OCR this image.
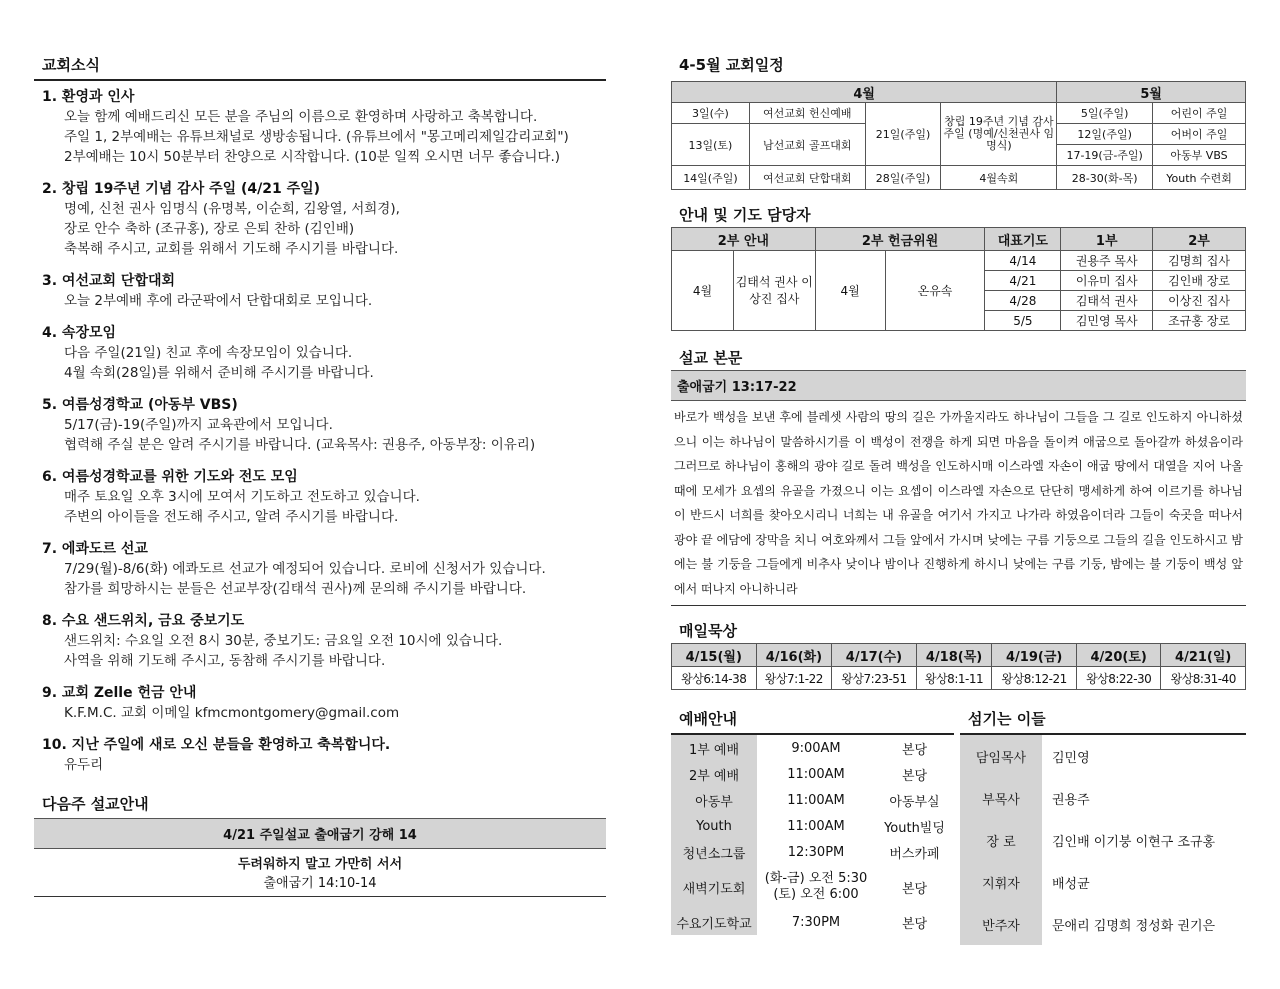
교회소식
1. 환영과 인사
오늘 함께 예배드리신 모든 분을 주님의 이름으로 환영하며 사랑하고 축복합니다.
주일 1, 2부예배는 유튜브채널로 생방송됩니다. (유튜브에서 "몽고메리제일감리교회")
2부예배는 10시 50분부터 찬양으로 시작합니다. (10분 일찍 오시면 너무 좋습니다.)
2. 창립 19주년 기념 감사 주일 (4/21 주일)
명예, 신천 권사 임명식 (유명복, 이순희, 김왕열, 서희경),
장로 안수 축하 (조규홍), 장로 은퇴 찬하 (김인배)
축복해 주시고, 교회를 위해서 기도해 주시기를 바랍니다.
3. 여선교회 단합대회
오늘 2부예배 후에 라군팍에서 단합대회로 모입니다.
4. 속장모임
다음 주일(21일) 친교 후에 속장모임이 있습니다.
4월 속회(28일)를 위해서 준비해 주시기를 바랍니다.
5. 여름성경학교 (아동부 VBS)
5/17(금)-19(주일)까지 교육관에서 모입니다.
협력해 주실 분은 알려 주시기를 바랍니다. (교육목사: 권용주, 아동부장: 이유리)
6. 여름성경학교를 위한 기도와 전도 모임
매주 토요일 오후 3시에 모여서 기도하고 전도하고 있습니다.
주변의 아이들을 전도해 주시고, 알려 주시기를 바랍니다.
7. 에콰도르 선교
7/29(월)-8/6(화) 에콰도르 선교가 예정되어 있습니다. 로비에 신청서가 있습니다.
참가를 희망하시는 분들은 선교부장(김태석 권사)께 문의해 주시기를 바랍니다.
8. 수요 샌드위치, 금요 중보기도
샌드위치: 수요일 오전 8시 30분, 중보기도: 금요일 오전 10시에 있습니다.
사역을 위해 기도해 주시고, 동참해 주시기를 바랍니다.
9. 교회 Zelle 헌금 안내
K.F.M.C. 교회 이메일 kfmcmontgomery@gmail.com
10. 지난 주일에 새로 오신 분들을 환영하고 축복합니다.
유두리
다음주 설교안내
4/21 주일설교 출애굽기 강해 14
두려워하지 말고 가만히 서서
출애굽기 14:10-14
4-5월 교회일정
4월				5월	
3일(수)	여선교회 헌신예배	21일(주일)	창립 19주년 기념 감사 주일 (명예/신천권사 임명식)	5일(주일)	어린이 주일
13일(토)	남선교회 골프대회			12일(주일)	어버이 주일
				17-19(금-주일)	아동부 VBS
14일(주일)	여선교회 단합대회	28일(주일)	4월속회	28-30(화-목)	Youth 수련회
안내 및 기도 담당자
2부 안내		2부 헌금위원		대표기도	1부	2부
4월	김태석 권사 이상진 집사	4월	온유속	4/14	권용주 목사	김명희 집사
				4/21	이유미 집사	김인배 장로
				4/28	김태석 권사	이상진 집사
				5/5	김민영 목사	조규홍 장로
설교 본문
출애굽기 13:17-22
바로가 백성을 보낸 후에 블레셋 사람의 땅의 길은 가까울지라도 하나님이 그들을 그 길로 인도하지 아니하셨으니 이는 하나님이 말씀하시기를 이 백성이 전쟁을 하게 되면 마음을 돌이켜 애굽으로 돌아갈까 하셨음이라 그러므로 하나님이 홍해의 광야 길로 돌려 백성을 인도하시매 이스라엘 자손이 애굽 땅에서 대열을 지어 나올 때에 모세가 요셉의 유골을 가졌으니 이는 요셉이 이스라엘 자손으로 단단히 맹세하게 하여 이르기를 하나님이 반드시 너희를 찾아오시리니 너희는 내 유골을 여기서 가지고 나가라 하였음이더라 그들이 숙곳을 떠나서 광야 끝 에담에 장막을 치니 여호와께서 그들 앞에서 가시며 낮에는 구름 기둥으로 그들의 길을 인도하시고 밤에는 불 기둥을 그들에게 비추사 낮이나 밤이나 진행하게 하시니 낮에는 구름 기둥, 밤에는 불 기둥이 백성 앞에서 떠나지 아니하니라
매일묵상
4/15(월)	4/16(화)	4/17(수)	4/18(목)	4/19(금)	4/20(토)	4/21(일)
왕상6:14-38	왕상7:1-22	왕상7:23-51	왕상8:1-11	왕상8:12-21	왕상8:22-30	왕상8:31-40
예배안내
1부 예배	9:00AM	본당
2부 예배	11:00AM	본당
아동부	11:00AM	아동부실
Youth	11:00AM	Youth빌딩
청년소그룹	12:30PM	버스카페
새벽기도회	(화-금) 오전 5:30
(토) 오전 6:00	본당
수요기도학교	7:30PM	본당
섬기는 이들
담임목사	김민영
부목사	권용주
장 로	김인배 이기붕 이현구 조규홍
지휘자	배성균
반주자	문애리 김명희 정성화 권기은
